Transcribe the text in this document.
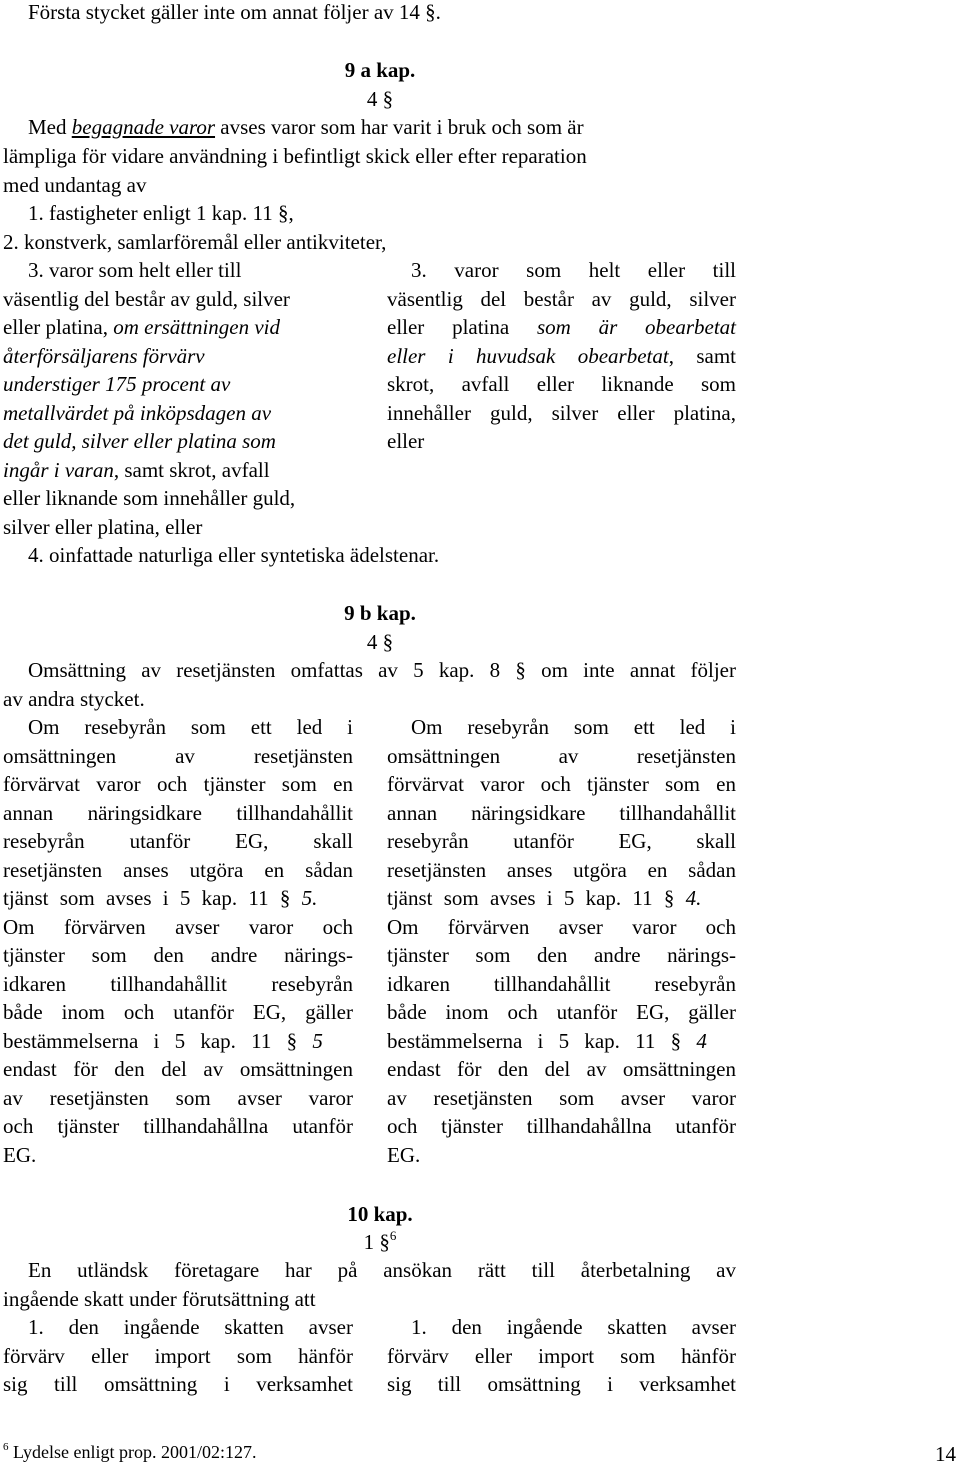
Första stycket gäller inte om annat följer av 14 §.
9 a kap.
4 §
Med begagnade varor avses varor som har varit i bruk och som är
lämpliga för vidare användning i befintligt skick eller efter reparation
med undantag av
1. fastigheter enligt 1 kap. 11 §,
2. konstverk, samlarföremål eller antikviteter,
3. varor som helt eller till
väsentlig del består av guld, silver
eller platina, om ersättningen vid
återförsäljarens förvärv
understiger 175 procent av
metallvärdet på inköpsdagen av
det guld, silver eller platina som
ingår i varan, samt skrot, avfall
eller liknande som innehåller guld,
silver eller platina, eller
3. varor som helt eller till
väsentlig del består av guld, silver
eller platina som är obearbetat
eller i huvudsak obearbetat, samt
skrot, avfall eller liknande som
innehåller guld, silver eller platina,
eller
4. oinfattade naturliga eller syntetiska ädelstenar.
9 b kap.
4 §
Omsättning av resetjänsten omfattas av 5 kap. 8 § om inte annat följer
av andra stycket.
Om resebyrån som ett led i
omsättningen av resetjänsten
förvärvat varor och tjänster som en
annan näringsidkare tillhandahållit
resebyrån utanför EG, skall
resetjänsten anses utgöra en sådan
tjänst som avses i 5 kap. 11 § 5.
Om förvärven avser varor och
tjänster som den andre närings-
idkaren tillhandahållit resebyrån
både inom och utanför EG, gäller
bestämmelserna i 5 kap. 11 § 5
endast för den del av omsättningen
av resetjänsten som avser varor
och tjänster tillhandahållna utanför
EG.
Om resebyrån som ett led i
omsättningen av resetjänsten
förvärvat varor och tjänster som en
annan näringsidkare tillhandahållit
resebyrån utanför EG, skall
resetjänsten anses utgöra en sådan
tjänst som avses i 5 kap. 11 § 4.
Om förvärven avser varor och
tjänster som den andre närings-
idkaren tillhandahållit resebyrån
både inom och utanför EG, gäller
bestämmelserna i 5 kap. 11 § 4
endast för den del av omsättningen
av resetjänsten som avser varor
och tjänster tillhandahållna utanför
EG.
10 kap.
1 §$^6$
En utländsk företagare har på ansökan rätt till återbetalning av
ingående skatt under förutsättning att
1. den ingående skatten avser
förvärv eller import som hänför
sig till omsättning i verksamhet
1. den ingående skatten avser
förvärv eller import som hänför
sig till omsättning i verksamhet
$^6$ Lydelse enligt prop. 2001/02:127.	14
